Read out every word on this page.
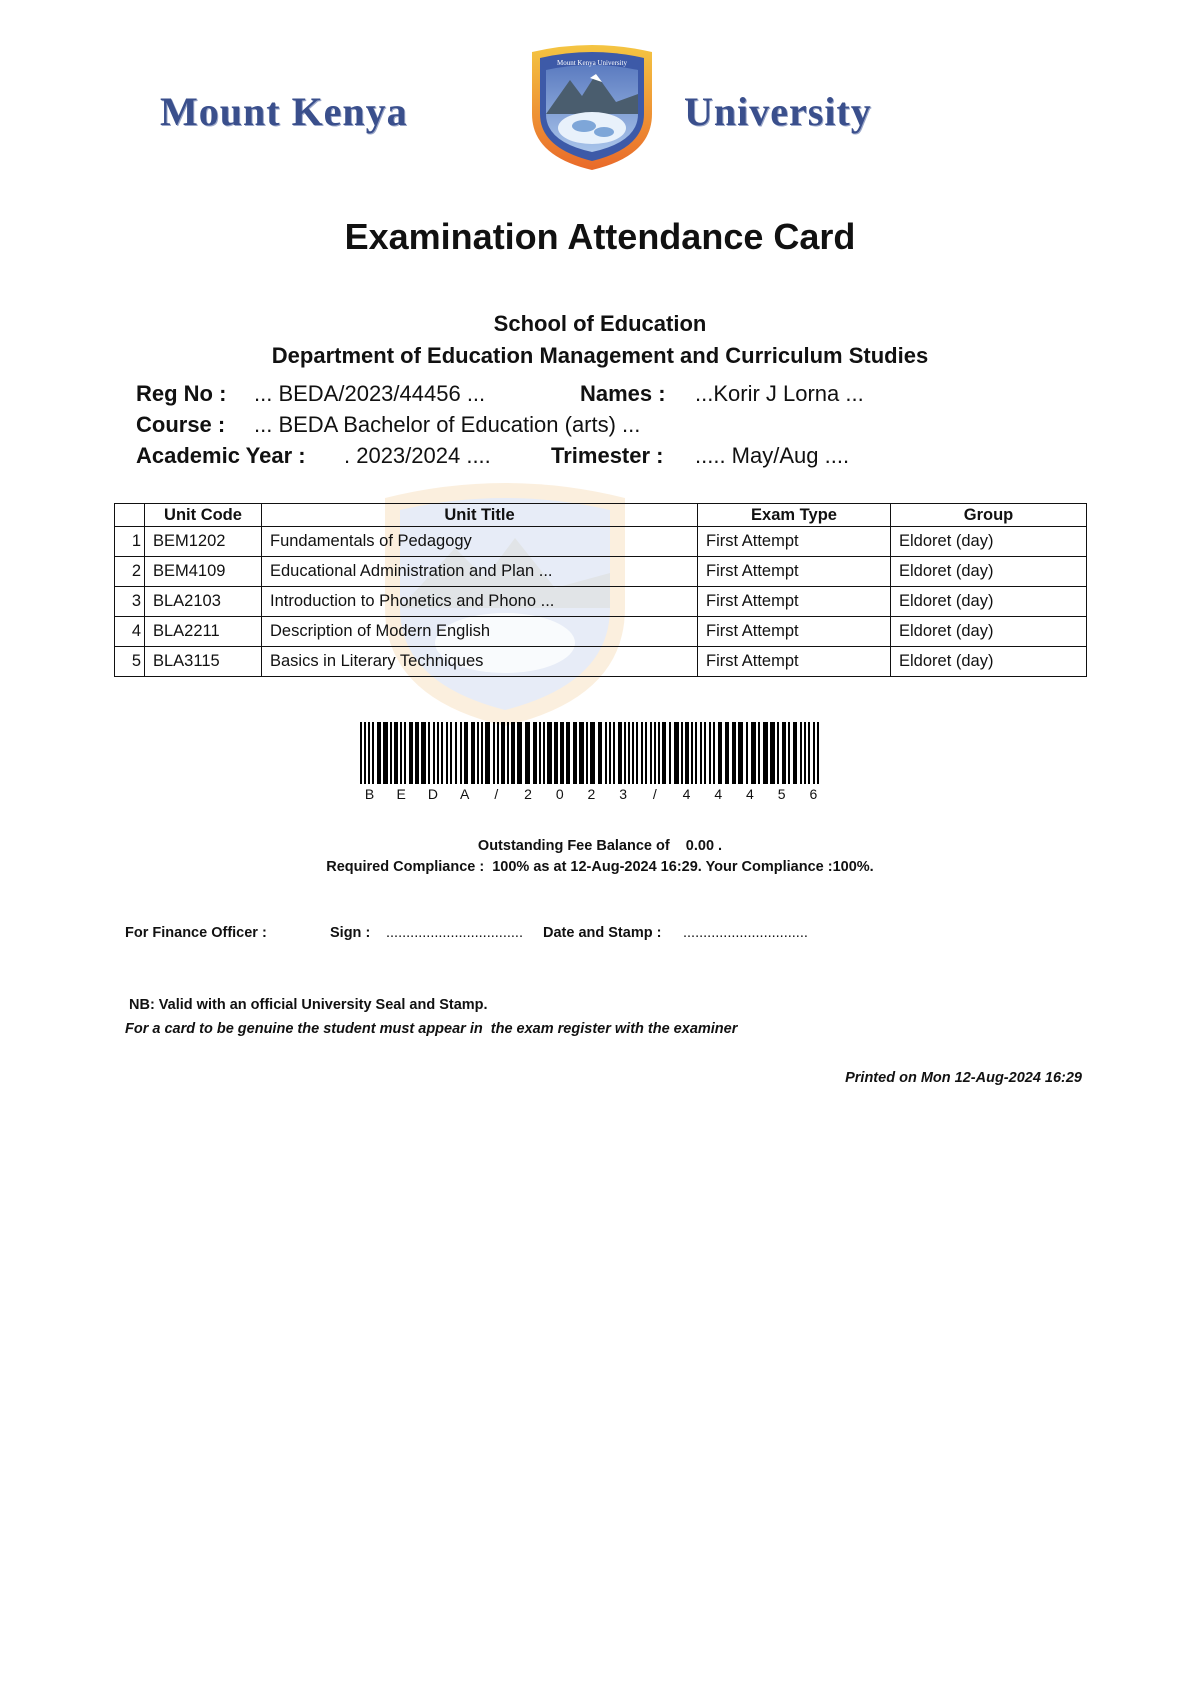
Mount Kenya
Mount Kenya University
University
Examination Attendance Card
School of Education
Department of Education Management and Curriculum Studies
Reg No : ... BEDA/2023/44456 ...	Names : ...Korir J Lorna ...
Course : ... BEDA Bachelor of Education (arts) ...
Academic Year : . 2023/2024 ....	Trimester : ..... May/Aug ....
	Unit Code	Unit Title	Exam Type	Group
1	BEM1202	Fundamentals of Pedagogy	First Attempt	Eldoret (day)
2	BEM4109	Educational Administration and Plan ...	First Attempt	Eldoret (day)
3	BLA2103	Introduction to Phonetics and Phono ...	First Attempt	Eldoret (day)
4	BLA2211	Description of Modern English	First Attempt	Eldoret (day)
5	BLA3115	Basics in Literary Techniques	First Attempt	Eldoret (day)
B	E	D	A	/	2	0	2	3	/	4	4	4	5	6
Outstanding Fee Balance of    0.00 .
Required Compliance :  100% as at 12-Aug-2024 16:29. Your Compliance :100%.
For Finance Officer :	Sign : .................................. Date and Stamp : ...............................
NB: Valid with an official University Seal and Stamp.
For a card to be genuine the student must appear in  the exam register with the examiner
Printed on Mon 12-Aug-2024 16:29
